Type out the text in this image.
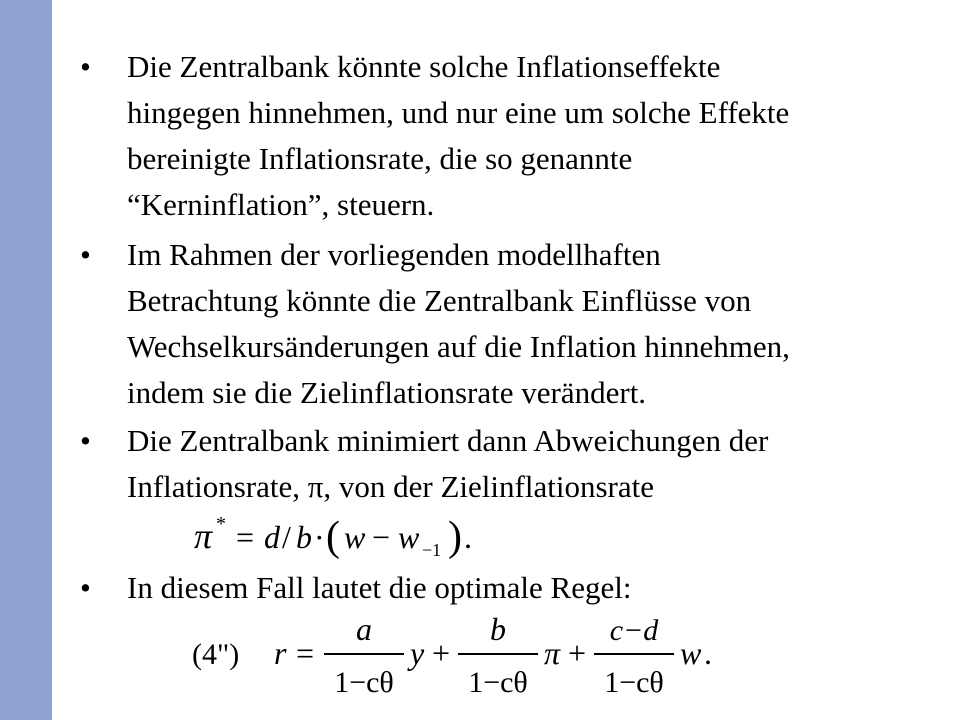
• Die Zentralbank könnte solche Inflationseffekte
hingegen hinnehmen, und nur eine um solche Effekte
bereinigte Inflationsrate, die so genannte
“Kerninflation”, steuern.
• Im Rahmen der vorliegenden modellhaften
Betrachtung könnte die Zentralbank Einflüsse von
Wechselkursänderungen auf die Inflation hinnehmen,
indem sie die Zielinflationsrate verändert.
• Die Zentralbank minimiert dann Abweichungen der
Inflationsrate, π, von der Zielinflationsrate
π * = d / b · ( w − w −1 ) .
• In diesem Fall lautet die optimale Regel:
(4") r =
a
1−cθ
y +
b
1−cθ
π +
c−d
1−cθ
w .
